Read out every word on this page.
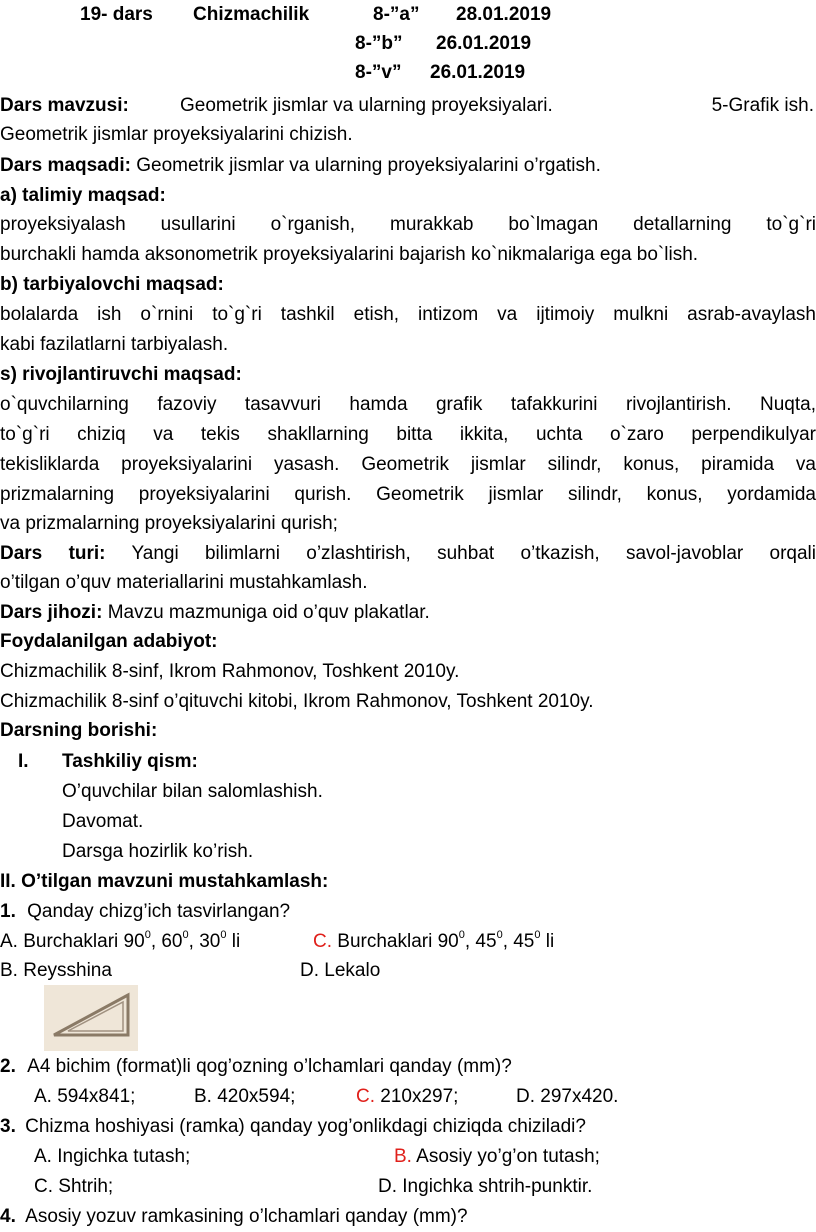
19- dars Chizmachilik	8-”a” 28.01.2019
8-”b” 26.01.2019
8-”v” 26.01.2019
Dars mavzusi:	Geometrik jismlar va ularning proyeksiyalari.	5-Grafik ish.
Geometrik jismlar proyeksiyalarini chizish.
Dars maqsadi: Geometrik jismlar va ularning proyeksiyalarini o’rgatish.
a) talimiy maqsad:
proyeksiyalash usullarini o`rganish, murakkab bo`lmagan detallarning to`g`ri
burchakli hamda aksonometrik proyeksiyalarini bajarish ko`nikmalariga ega bo`lish.
b) tarbiyalovchi maqsad:
bolalarda ish o`rnini to`g`ri tashkil etish, intizom va ijtimoiy mulkni asrab-avaylash
kabi fazilatlarni tarbiyalash.
s) rivojlantiruvchi maqsad:
o`quvchilarning fazoviy tasavvuri hamda grafik tafakkurini rivojlantirish. Nuqta,
to`g`ri chiziq va tekis shakllarning bitta ikkita, uchta o`zaro perpendikulyar
tekisliklarda proyeksiyalarini yasash. Geometrik jismlar silindr, konus, piramida va
prizmalarning proyeksiyalarini qurish. Geometrik jismlar silindr, konus, yordamida
va prizmalarning proyeksiyalarini qurish;
Dars turi: Yangi bilimlarni o’zlashtirish, suhbat o’tkazish, savol-javoblar orqali
o’tilgan o’quv materiallarini mustahkamlash.
Dars jihozi: Mavzu mazmuniga oid o’quv plakatlar.
Foydalanilgan adabiyot:
Chizmachilik 8-sinf, Ikrom Rahmonov, Toshkent 2010y.
Chizmachilik 8-sinf o’qituvchi kitobi, Ikrom Rahmonov, Toshkent 2010y.
Darsning borishi:
I. Tashkiliy qism:
O’quvchilar bilan salomlashish.
Davomat.
Darsga hozirlik ko’rish.
II. O’tilgan mavzuni mustahkamlash:
1. Qanday chizg’ich tasvirlangan?
A. Burchaklari $90^0$, $60^0$, $30^0$ li	C. Burchaklari $90^0$, $45^0$, $45^0$ li
B. Reysshina	D. Lekalo
2. A4 bichim (format)li qog’ozning o’lchamlari qanday (mm)?
A. 594x841;	B. 420x594;	C. 210x297;	D. 297x420.
3. Chizma hoshiyasi (ramka) qanday yog’onlikdagi chiziqda chiziladi?
A. Ingichka tutash;	B. Asosiy yo’g’on tutash;
C. Shtrih;	D. Ingichka shtrih-punktir.
4. Asosiy yozuv ramkasining o’lchamlari qanday (mm)?
